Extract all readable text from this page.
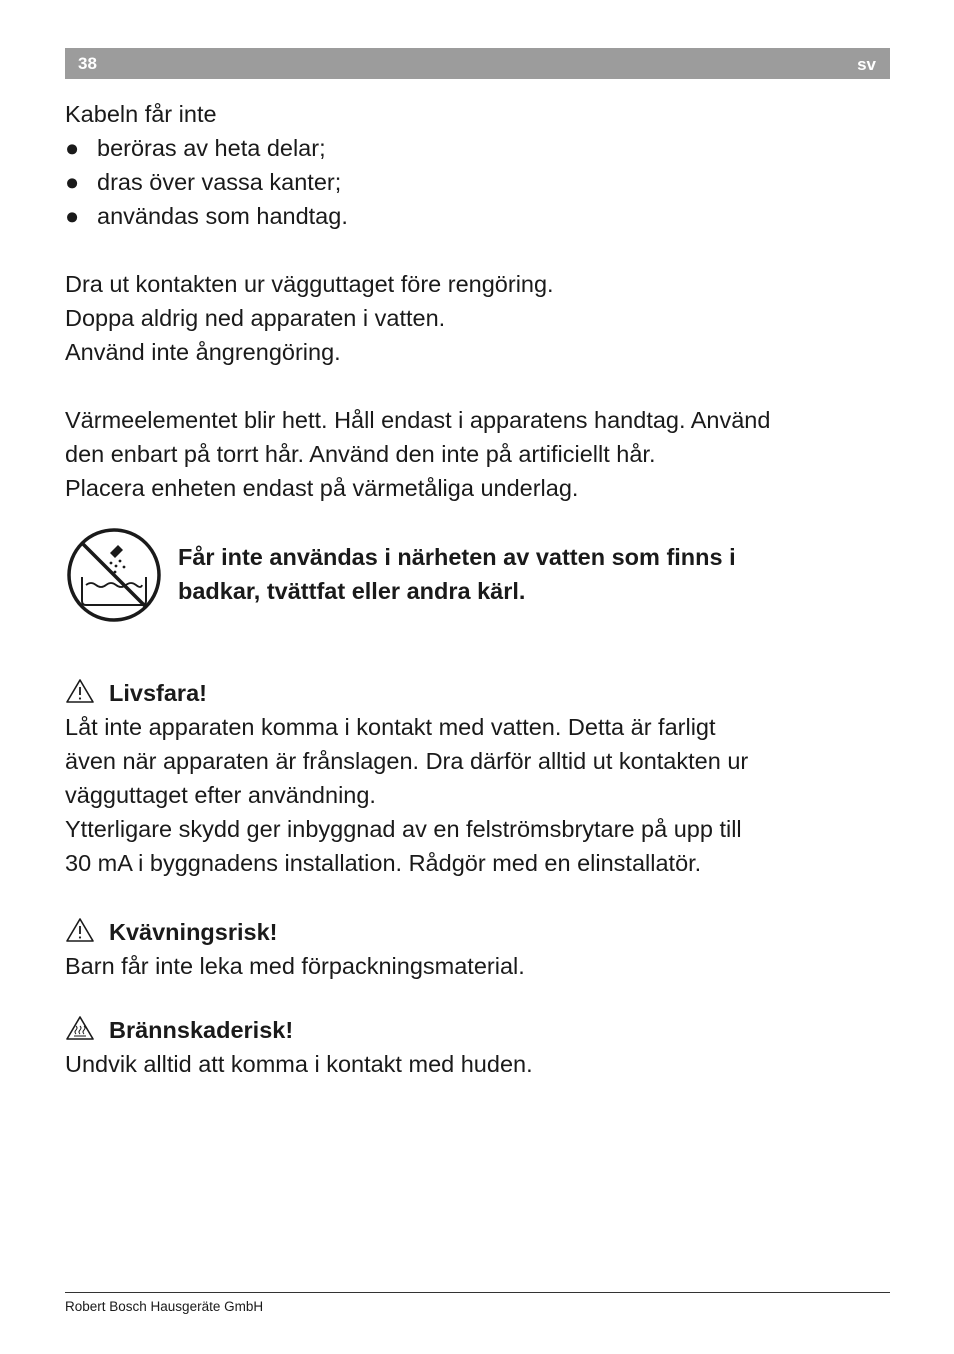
38	sv
Kabeln får inte
● beröras av heta delar;
● dras över vassa kanter;
● användas som handtag.
Dra ut kontakten ur vägguttaget före rengöring.
Doppa aldrig ned apparaten i vatten.
Använd inte ångrengöring.
Värmeelementet blir hett. Håll endast i apparatens handtag. Använd
den enbart på torrt hår. Använd den inte på artificiellt hår.
Placera enheten endast på värmetåliga underlag.
Får inte användas i närheten av vatten som finns i
badkar, tvättfat eller andra kärl.
Livsfara!
Låt inte apparaten komma i kontakt med vatten. Detta är farligt
även när apparaten är frånslagen. Dra därför alltid ut kontakten ur
vägguttaget efter användning.
Ytterligare skydd ger inbyggnad av en felströmsbrytare på upp till
30 mA i byggnadens installation. Rådgör med en elinstallatör.
Kvävningsrisk!
Barn får inte leka med förpackningsmaterial.
Brännskaderisk!
Undvik alltid att komma i kontakt med huden.
Robert Bosch Hausgeräte GmbH
